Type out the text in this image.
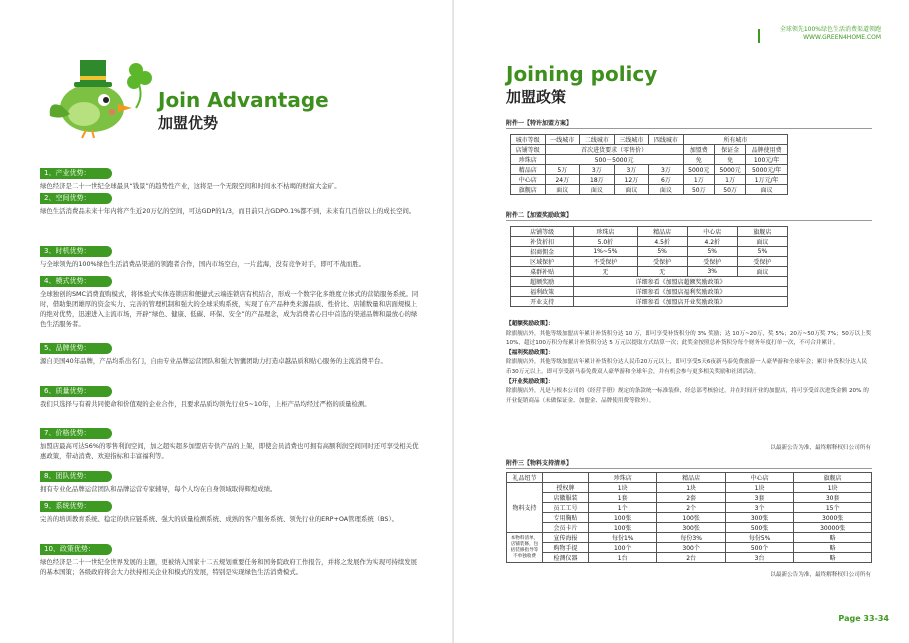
Join Advantage
加盟优势
1、产业优势：
绿色经济是二十一世纪全球最具“钱景”的趋势性产业，这将是一个无限空间和时间永不枯竭的财富大金矿。
2、空间优势：
绿色生活消费品未来十年内将产生近20万亿的空间，可达GDP的1/3，而目前只占GDP0.1%都不到，未来有几百倍以上的成长空间。
3、时机优势：
与全球领先的100%绿色生活消费品渠道的领跑者合作，国内市场空白，一片蓝海，没有竞争对手，即可不战而胜。
4、模式优势：
全球独创的SMC消费直购模式，将体验式实体连锁店和便捷式云端连锁店有机结合，形成一个数字化多维度立体式的营销服务系统。同时，借助集团雄厚的资金实力、完善的管理机制和强大的全球采购系统，实现了在产品种类来源品质、性价比、店铺数量和店面规模上的绝对优势，迅速进入主流市场，开辟“绿色、健康、低碳、环保、安全”的产品理念，成为消费者心目中首选的渠道品牌和最放心的绿色生活服务者。
5、品牌优势：
源自美国40年品牌，产品均系出名门，自由专业品牌运营团队和强大智囊团助力打造卓越品质和贴心服务的主流消费平台。
6、质量优势：
我们只选择与有着共同使命和价值观的企业合作，且要求品质均领先行业5~10年，上柜产品均经过严格的质量检测。
7、价格优势：
加盟店最高可达56%的零售利润空间，加之超实超多加盟店专供产品的上架，即使会员消费也可拥有高额利润空间同时还可享受相关优惠政策，带动消费、欢迎指标和丰富福利等。
8、团队优势：
拥有专业化品牌运营团队和品牌运营专家辅导，每个人均在自身领域取得辉煌成绩。
9、系统优势：
完善的培训教育系统、稳定的供应链系统、强大的质量检测系统、成熟的客户服务系统、领先行业的ERP+OA管理系统（BS）。
10、政策优势：
绿色经济是二十一世纪全世界发展的主题，更被纳入国家十二五规划重要任务和国务院政府工作报告，并将之发展作为实现可持续发展的基本国策；各级政府将会大力扶持相关企业和模式的发展，特别是实现绿色生活消费模式。
全球领先100%绿色生活消费渠道领跑
WWW.GREEN4HOME.COM
Joining policy
加盟政策
附件一【特许加盟方案】
城市等级	一线城市	二线城市	三线城市	四线城市	所有城市		
店铺等级	首次进货要求（零售价）				加盟费	保证金	品牌使用费
珍珠店	500－5000元				免	免	100元/年
精品店	5万	3万	3万	3万	5000元	5000元	5000元/年
中心店	24万	18万	12万	6万	1万	1万	1万元/年
旗舰店	面议	面议	面议	面议	50万	50万	面议
附件二【加盟奖励政策】
店铺等级	珍珠店	精品店	中心店	旗舰店
补货折扣	5.0折	4.5折	4.2折	面议
招商佣金	1%~5%	5%	5%	5%
区域保护	不受保护	受保护	受保护	受保护
桌群补贴	无	无	3%	面议
超额奖励	详细参看《加盟店超额奖励政策》			
福利政策	详细参看《加盟店福利奖励政策》			
开业支持	详细参看《加盟店开业奖励政策》			
【超额奖励政策】：
除旗舰店外，其他等级加盟店年累计补货积分达 10 万，即可享受补货积分的 3% 奖励；达 10万~20万，奖 5%；20万~50万奖 7%；50万以上奖 10%，超过100万积分每累计补货积分达 5 万元以提取方式结算一次；此奖金按照总补货积分每个财务年度打单一次，不可合并累计。
【福利奖励政策】：
除旗舰店外，其他等级加盟店年累计补货积分达人民币20万元以上，即可享受5天6夜新马泰免费旅游一人豪华游和全球年会；累计补货积分达人民币30万元以上，即可享受新马泰免费双人豪华游和全球年会，并有机会参与更多相关奖励和社团活动。
【开业奖励政策】：
除旗舰店外，凡是与根本公司的《经营手册》规定的条款统一标准装修，经总部考核验过，并在时间开业的加盟店，将可享受首次进货金额 20% 的开业促销商品（未做保证金、加盟金、品牌使用费等除外）。
以最新公告为准，最终解释权归公司所有
附件三【物料支持清单】
礼品纽节		珍珠店	精品店	中心店	旗舰店
物料支持	授权牌	1块	1块	1块	1块
	店徽服装	1套	2套	3套	30套
	员工工号	1个	2个	3个	15个
	专用胸贴	100张	100张	300张	3000张
	会员卡片	100张	300张	500张	30000张
本物料清单，店铺装修，包括装修指导等不单独收费	宣传海报	每份1%	每份3%	每份5%	略
	购物手提	100个	300个	500个	略
	检测仪器	1台	2台	3台	略
以最新公告为准，最终解释权归公司所有
Page 33-34
